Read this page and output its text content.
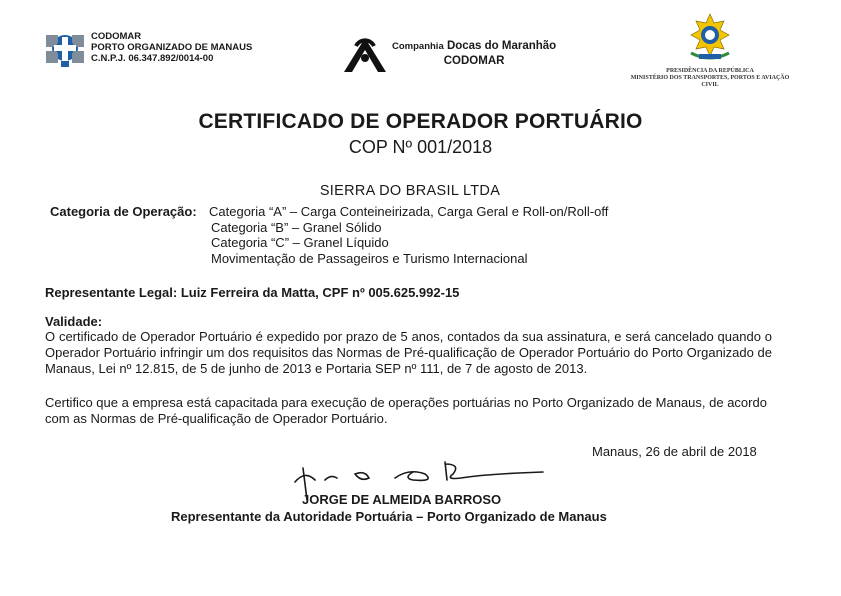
CODOMAR
PORTO ORGANIZADO DE MANAUS
C.N.P.J. 06.347.892/0014-00
Companhia Docas do Maranhão
CODOMAR
PRESIDÊNCIA DA REPÚBLICA
MINISTÉRIO DOS TRANSPORTES, PORTOS E AVIAÇÃO
CIVIL
CERTIFICADO DE OPERADOR PORTUÁRIO
COP Nº 001/2018
SIERRA DO BRASIL LTDA
Categoria de Operação: Categoria “A” – Carga Conteineirizada, Carga Geral e Roll-on/Roll-off
Categoria “B” – Granel Sólido
Categoria “C” – Granel Líquido
Movimentação de Passageiros e Turismo Internacional
Representante Legal: Luiz Ferreira da Matta, CPF nº 005.625.992-15
Validade:
O certificado de Operador Portuário é expedido por prazo de 5 anos, contados da sua assinatura, e será cancelado quando o Operador Portuário infringir um dos requisitos das Normas de Pré-qualificação de Operador Portuário do Porto Organizado de Manaus, Lei nº 12.815, de 5 de junho de 2013 e Portaria SEP nº 111, de 7 de agosto de 2013.
Certifico que a empresa está capacitada para execução de operações portuárias no Porto Organizado de Manaus, de acordo com as Normas de Pré-qualificação de Operador Portuário.
Manaus, 26 de abril de 2018
JORGE DE ALMEIDA BARROSO
Representante da Autoridade Portuária – Porto Organizado de Manaus
